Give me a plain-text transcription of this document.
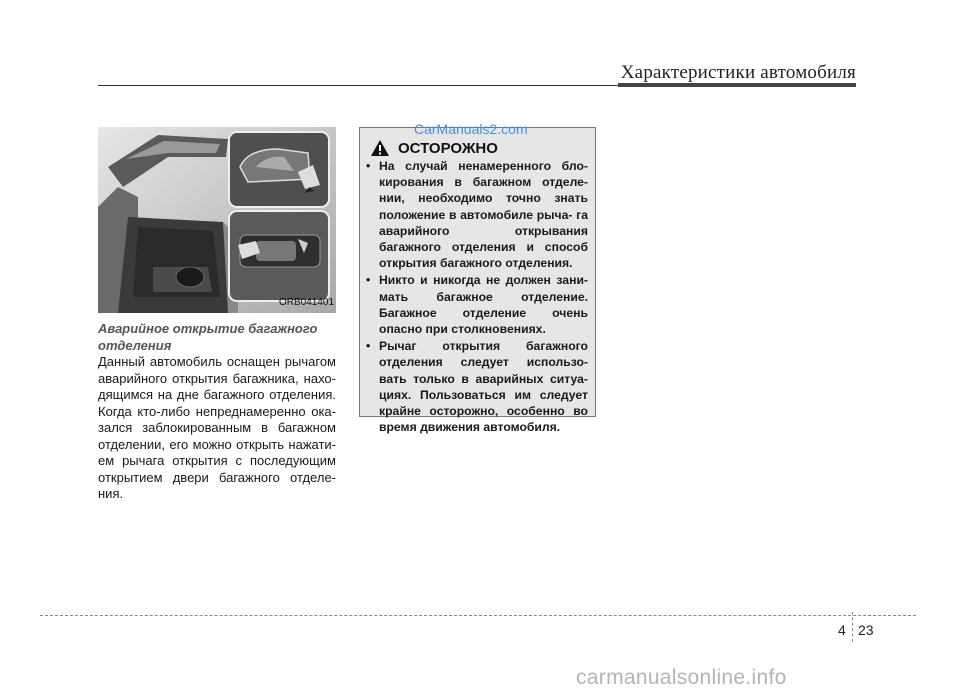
Характеристики автомобиля
ORB041401
Аварийное открытие багажного отделения
Данный автомобиль оснащен рычагом аварийного открытия багажника, нахо- дящимся на дне багажного отделения. Когда кто-либо непреднамеренно ока- зался заблокированным в багажном отделении, его можно открыть нажати- ем рычага открытия с последующим открытием двери багажного отделе- ния.
CarManuals2.com
ОСТОРОЖНО
• На случай ненамеренного бло- кирования в багажном отделе- нии, необходимо точно знать положение в автомобиле рыча- га аварийного открывания багажного отделения и способ открытия багажного отделения.
• Никто и никогда не должен зани- мать багажное отделение. Багажное отделение очень опасно при столкновениях.
• Рычаг открытия багажного отделения следует использо- вать только в аварийных ситуа- циях. Пользоваться им следует крайне осторожно, особенно во время движения автомобиля.
4 23
carmanualsonline.info
